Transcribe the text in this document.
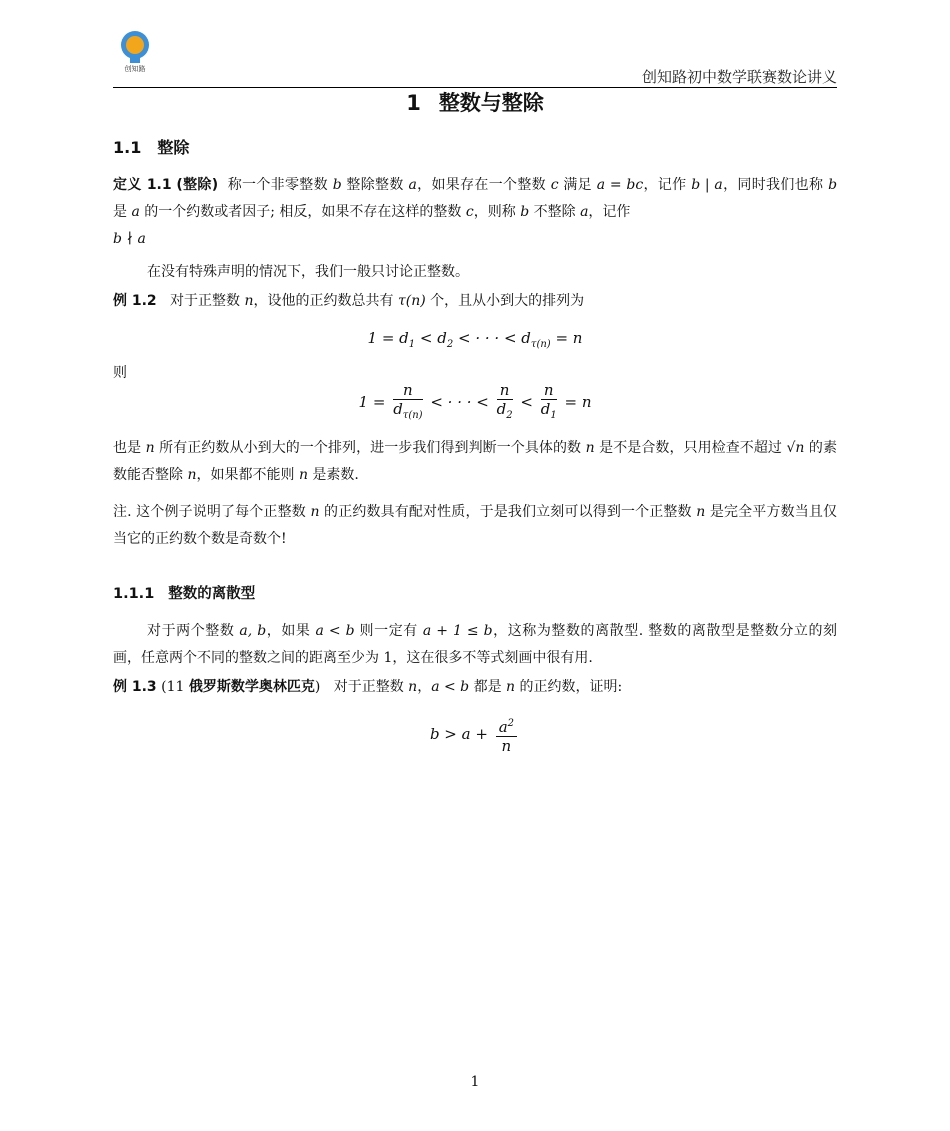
创知路	创知路初中数学联赛数论讲义
1 整数与整除
1.1 整除

定义 1.1 (整除) 称一个非零整数 b 整除整数 a，如果存在一个整数 c 满足 a = bc，记作 b | a，同时我们也称 b 是 a 的一个约数或者因子; 相反，如果不存在这样的整数 c，则称 b 不整除 a，记作
b ∤ a

在没有特殊声明的情况下，我们一般只讨论正整数。

例 1.2 对于正整数 n，设他的正约数总共有 τ(n) 个，且从小到大的排列为

$1 = d_1 < d_2$ < · · · < $d_{\tau(n)} = n$

则

$1 = \frac{n}{d_{\tau(n)}}$ < · · · < $\frac{n}{d_2} < \frac{n}{d_1} = n$

也是 n 所有正约数从小到大的一个排列，进一步我们得到判断一个具体的数 n 是不是合数，只用检查不超过 √n 的素数能否整除 n，如果都不能则 n 是素数.

注. 这个例子说明了每个正整数 n 的正约数具有配对性质，于是我们立刻可以得到一个正整数 n 是完全平方数当且仅当它的正约数个数是奇数个!

1.1.1 整数的离散型

对于两个整数 a, b，如果 a < b 则一定有 a + 1 ≤ b，这称为整数的离散型. 整数的离散型是整数分立的刻画，任意两个不同的整数之间的距离至少为 1，这在很多不等式刻画中很有用.

例 1.3 (11 俄罗斯数学奥林匹克) 对于正整数 n，a < b 都是 n 的正约数，证明:

$b > a + \frac{a^2}{n}$
1
